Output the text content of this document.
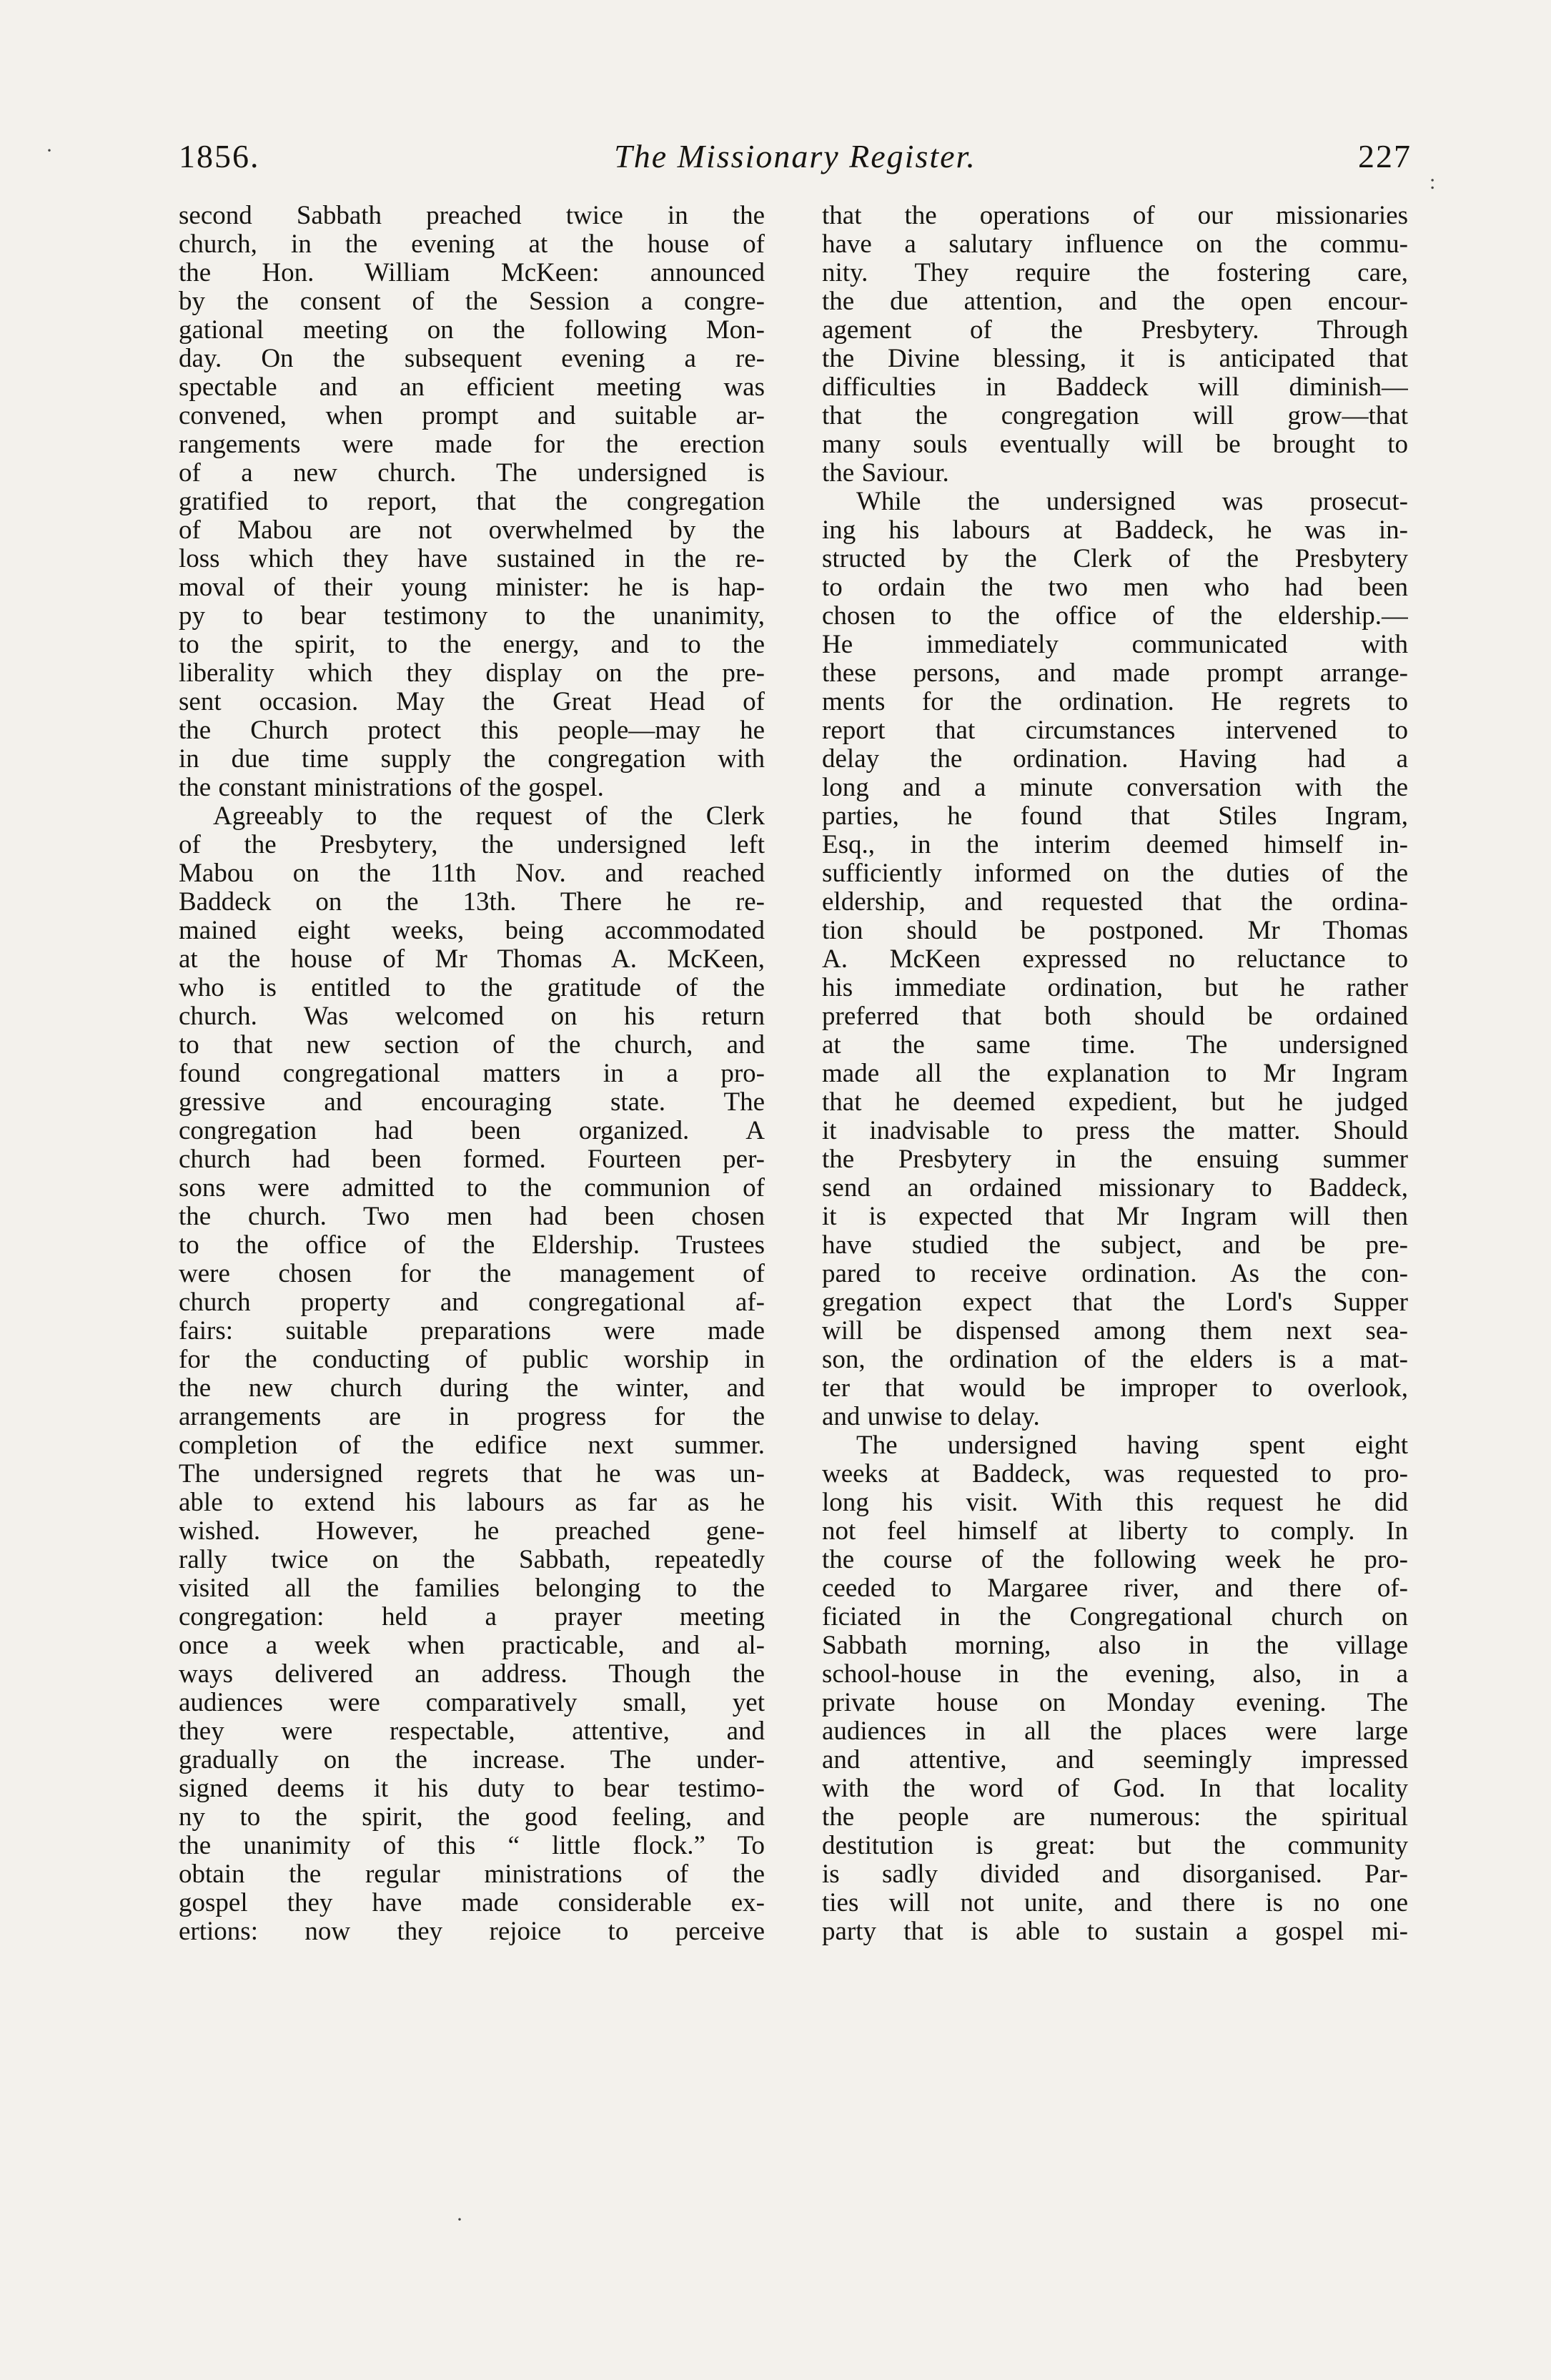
1856.	The Missionary Register.	227
second Sabbath preached twice in the
church, in the evening at the house of
the Hon. William McKeen: announced
by the consent of the Session a congre-
gational meeting on the following Mon-
day. On the subsequent evening a re-
spectable and an efficient meeting was
convened, when prompt and suitable ar-
rangements were made for the erection
of a new church. The undersigned is
gratified to report, that the congregation
of Mabou are not overwhelmed by the
loss which they have sustained in the re-
moval of their young minister: he is hap-
py to bear testimony to the unanimity,
to the spirit, to the energy, and to the
liberality which they display on the pre-
sent occasion. May the Great Head of
the Church protect this people—may he
in due time supply the congregation with
the constant ministrations of the gospel.
Agreeably to the request of the Clerk
of the Presbytery, the undersigned left
Mabou on the 11th Nov. and reached
Baddeck on the 13th. There he re-
mained eight weeks, being accommodated
at the house of Mr Thomas A. McKeen,
who is entitled to the gratitude of the
church. Was welcomed on his return
to that new section of the church, and
found congregational matters in a pro-
gressive and encouraging state. The
congregation had been organized. A
church had been formed. Fourteen per-
sons were admitted to the communion of
the church. Two men had been chosen
to the office of the Eldership. Trustees
were chosen for the management of
church property and congregational af-
fairs: suitable preparations were made
for the conducting of public worship in
the new church during the winter, and
arrangements are in progress for the
completion of the edifice next summer.
The undersigned regrets that he was un-
able to extend his labours as far as he
wished. However, he preached gene-
rally twice on the Sabbath, repeatedly
visited all the families belonging to the
congregation: held a prayer meeting
once a week when practicable, and al-
ways delivered an address. Though the
audiences were comparatively small, yet
they were respectable, attentive, and
gradually on the increase. The under-
signed deems it his duty to bear testimo-
ny to the spirit, the good feeling, and
the unanimity of this “ little flock.” To
obtain the regular ministrations of the
gospel they have made considerable ex-
ertions: now they rejoice to perceive
that the operations of our missionaries
have a salutary influence on the commu-
nity. They require the fostering care,
the due attention, and the open encour-
agement of the Presbytery. Through
the Divine blessing, it is anticipated that
difficulties in Baddeck will diminish—
that the congregation will grow—that
many souls eventually will be brought to
the Saviour.
While the undersigned was prosecut-
ing his labours at Baddeck, he was in-
structed by the Clerk of the Presbytery
to ordain the two men who had been
chosen to the office of the eldership.—
He immediately communicated with
these persons, and made prompt arrange-
ments for the ordination. He regrets to
report that circumstances intervened to
delay the ordination. Having had a
long and a minute conversation with the
parties, he found that Stiles Ingram,
Esq., in the interim deemed himself in-
sufficiently informed on the duties of the
eldership, and requested that the ordina-
tion should be postponed. Mr Thomas
A. McKeen expressed no reluctance to
his immediate ordination, but he rather
preferred that both should be ordained
at the same time. The undersigned
made all the explanation to Mr Ingram
that he deemed expedient, but he judged
it inadvisable to press the matter. Should
the Presbytery in the ensuing summer
send an ordained missionary to Baddeck,
it is expected that Mr Ingram will then
have studied the subject, and be pre-
pared to receive ordination. As the con-
gregation expect that the Lord's Supper
will be dispensed among them next sea-
son, the ordination of the elders is a mat-
ter that would be improper to overlook,
and unwise to delay.
The undersigned having spent eight
weeks at Baddeck, was requested to pro-
long his visit. With this request he did
not feel himself at liberty to comply. In
the course of the following week he pro-
ceeded to Margaree river, and there of-
ficiated in the Congregational church on
Sabbath morning, also in the village
school-house in the evening, also, in a
private house on Monday evening. The
audiences in all the places were large
and attentive, and seemingly impressed
with the word of God. In that locality
the people are numerous: the spiritual
destitution is great: but the community
is sadly divided and disorganised. Par-
ties will not unite, and there is no one
party that is able to sustain a gospel mi-
·
:
·
